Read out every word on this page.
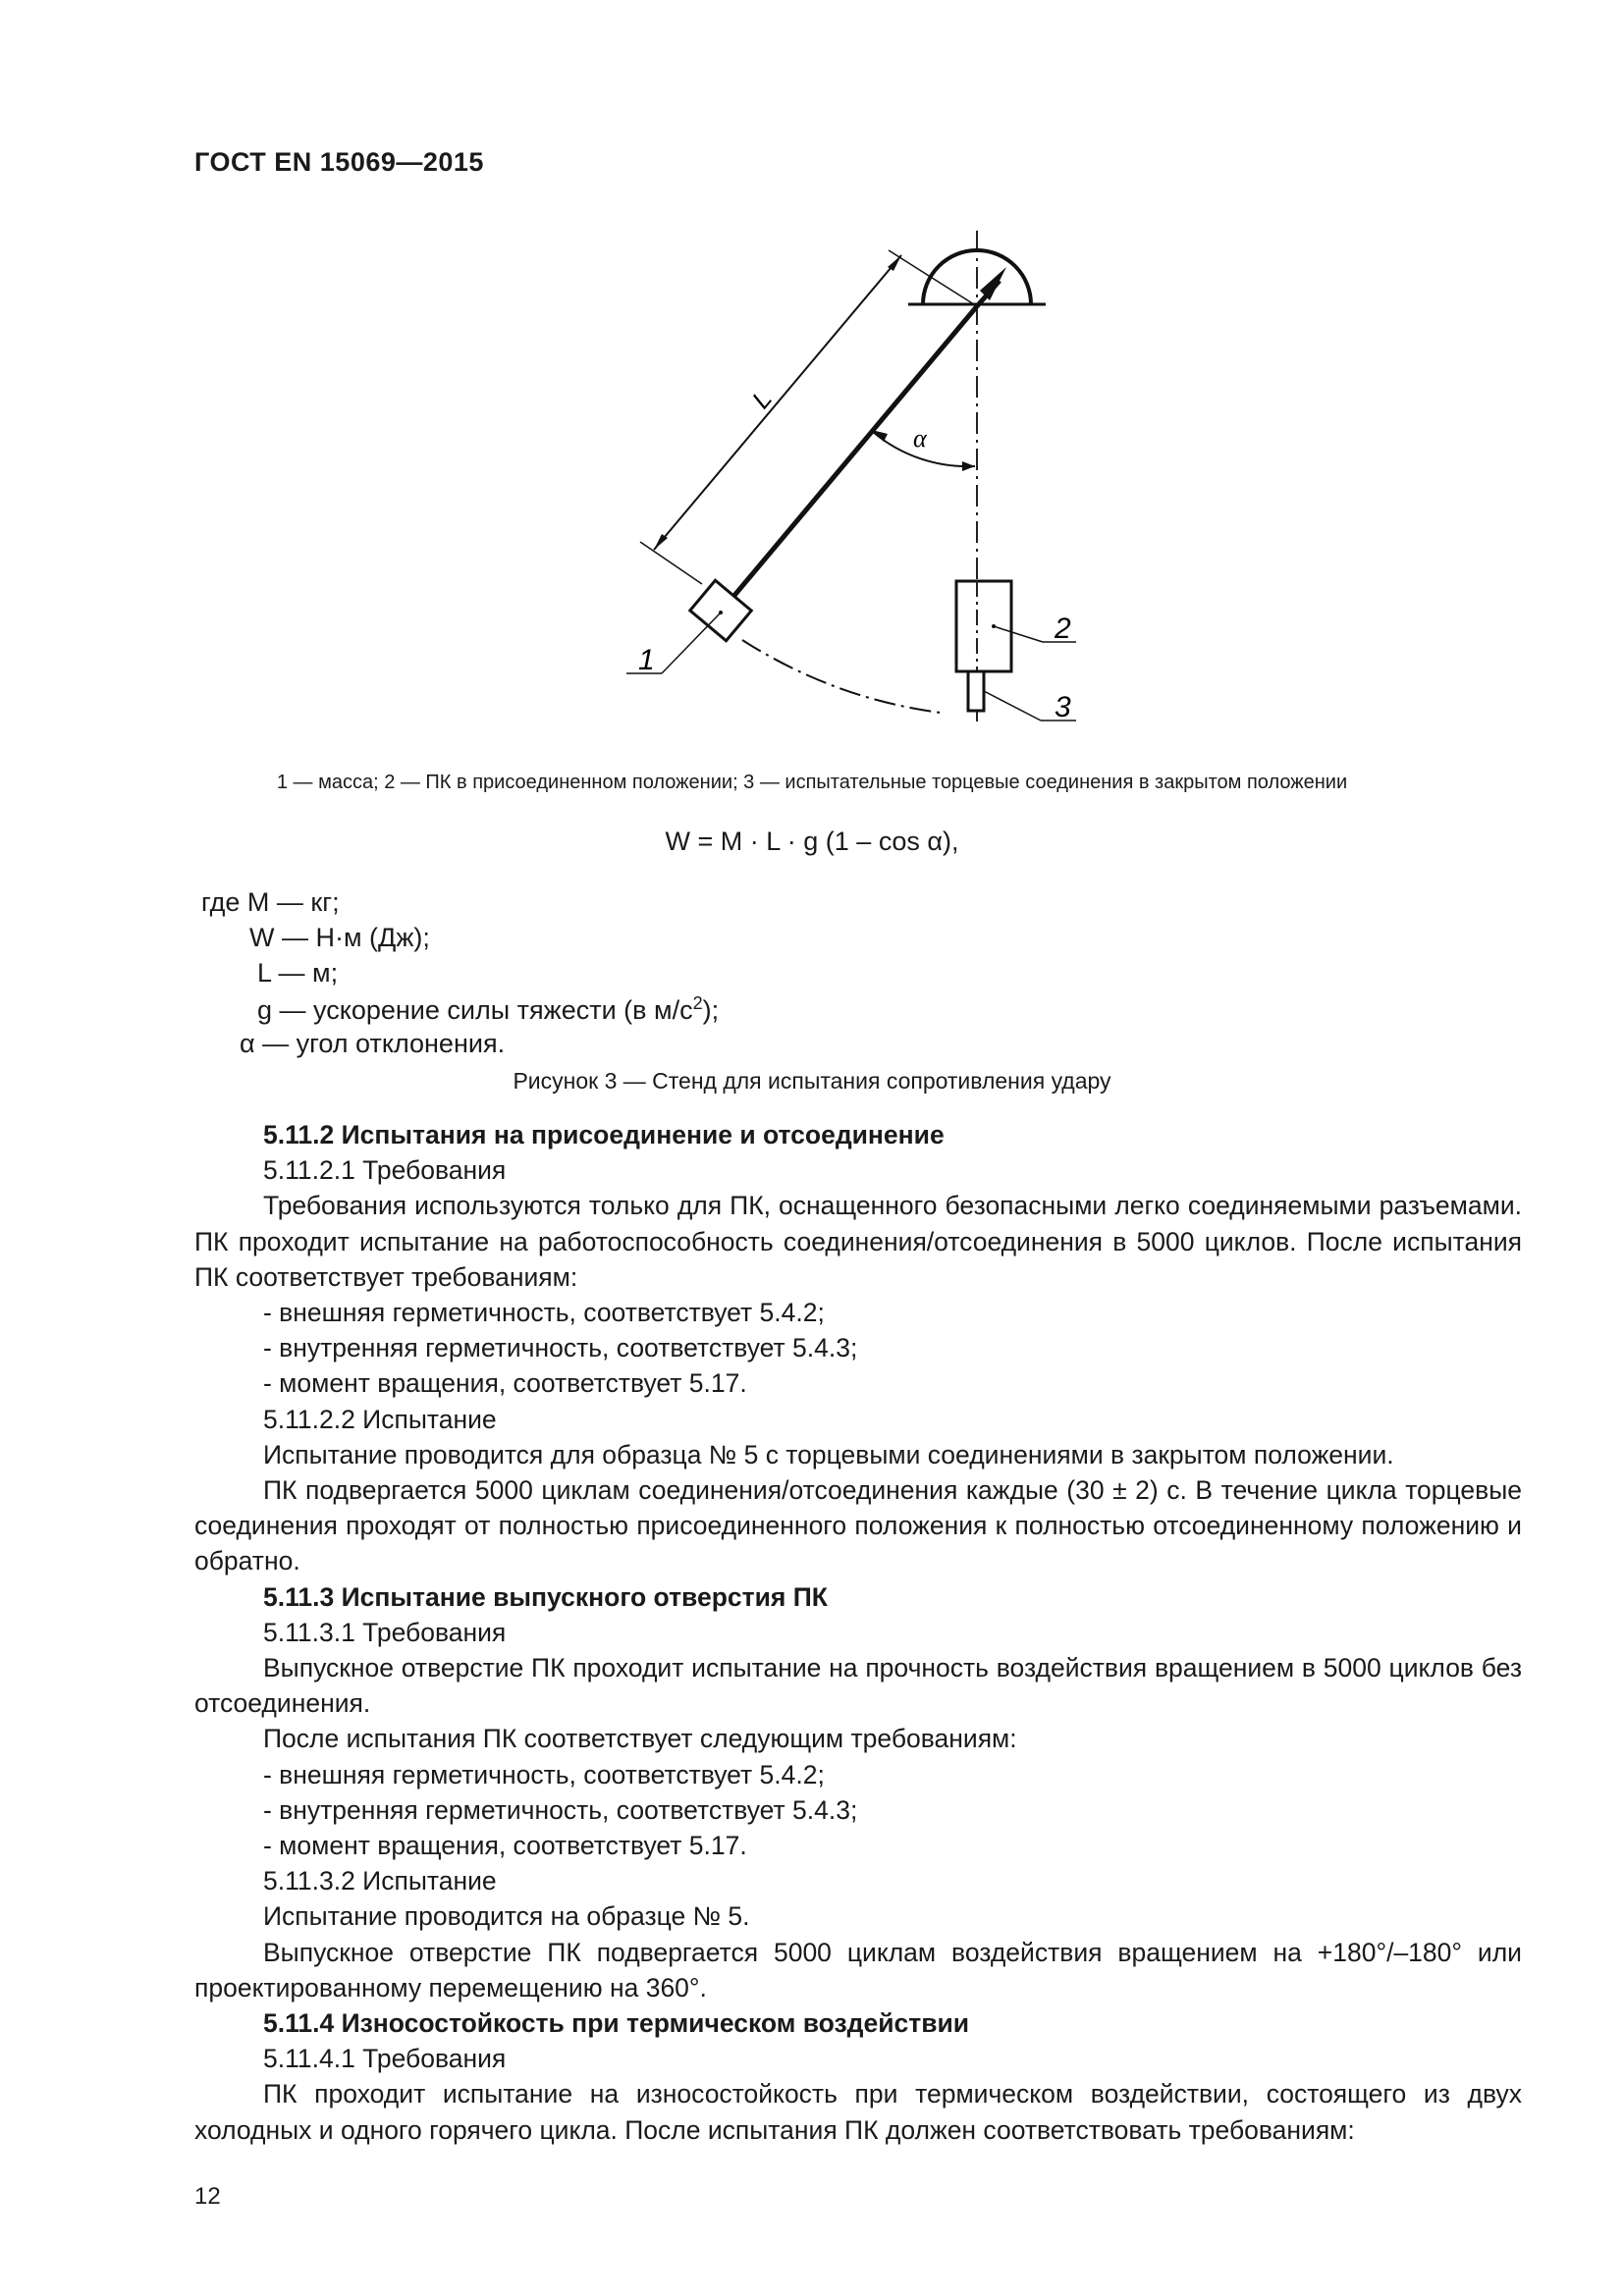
ГОСТ EN 15069—2015
L
α
1
2
3
1 — масса; 2 — ПК в присоединенном положении; 3 — испытательные торцевые соединения в закрытом положении
W = M · L · g (1 – cos α),
где M — кг;
W — Н·м (Дж);
L — м;
g — ускорение силы тяжести (в $м/с^2$);
α — угол отклонения.
Рисунок 3 — Стенд для испытания сопротивления удару

5.11.2 Испытания на присоединение и отсоединение

5.11.2.1 Требования

Требования используются только для ПК, оснащенного безопасными легко соединяемыми разъемами. ПК проходит испытание на работоспособность соединения/отсоединения в 5000 циклов. После испытания ПК соответствует требованиям:

- внешняя герметичность, соответствует 5.4.2;

- внутренняя герметичность, соответствует 5.4.3;

- момент вращения, соответствует 5.17.

5.11.2.2 Испытание

Испытание проводится для образца № 5 с торцевыми соединениями в закрытом положении.

ПК подвергается 5000 циклам соединения/отсоединения каждые (30 ± 2) с. В течение цикла торцевые соединения проходят от полностью присоединенного положения к полностью отсоединенному положению и обратно.

5.11.3 Испытание выпускного отверстия ПК

5.11.3.1 Требования

Выпускное отверстие ПК проходит испытание на прочность воздействия вращением в 5000 циклов без отсоединения.

После испытания ПК соответствует следующим требованиям:

- внешняя герметичность, соответствует 5.4.2;

- внутренняя герметичность, соответствует 5.4.3;

- момент вращения, соответствует 5.17.

5.11.3.2 Испытание

Испытание проводится на образце № 5.

Выпускное отверстие ПК подвергается 5000 циклам воздействия вращением на +180°/–180° или проектированному перемещению на 360°.

5.11.4 Износостойкость при термическом воздействии

5.11.4.1 Требования

ПК проходит испытание на износостойкость при термическом воздействии, состоящего из двух холодных и одного горячего цикла. После испытания ПК должен соответствовать требованиям:

12
